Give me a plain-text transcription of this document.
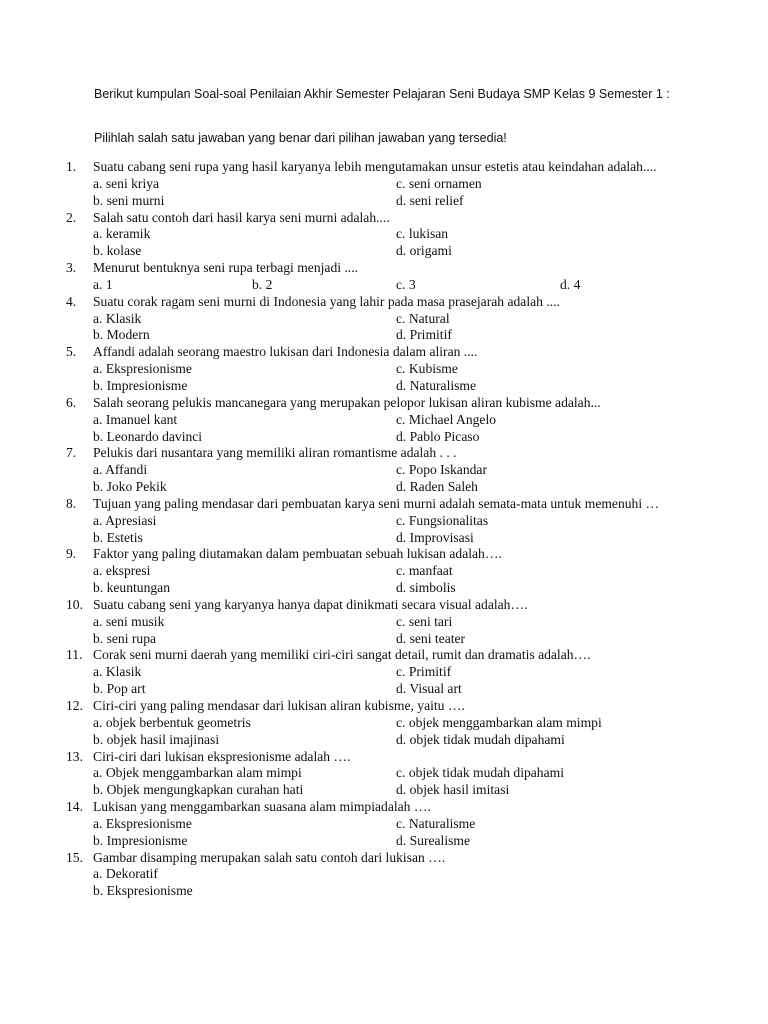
Berikut kumpulan Soal-soal Penilaian Akhir Semester Pelajaran Seni Budaya SMP Kelas 9 Semester 1 :
Pilihlah salah satu jawaban yang benar dari pilihan jawaban yang tersedia!
1.	Suatu cabang seni rupa yang hasil karyanya lebih mengutamakan unsur estetis atau keindahan adalah....
a. seni kriya	c. seni ornamen
b. seni murni	d. seni relief
2.	Salah satu contoh dari hasil karya seni murni adalah....
a. keramik	c. lukisan
b. kolase	d. origami
3.	Menurut bentuknya seni rupa terbagi menjadi ....
a. 1	b. 2	c. 3	d. 4
4.	Suatu corak ragam seni murni di Indonesia yang lahir pada masa prasejarah adalah ....
a. Klasik	c. Natural
b. Modern	d. Primitif
5.	Affandi adalah seorang maestro lukisan dari Indonesia dalam aliran ....
a. Ekspresionisme	c. Kubisme
b. Impresionisme	d. Naturalisme
6.	Salah seorang pelukis mancanegara yang merupakan pelopor lukisan aliran kubisme adalah...
a. Imanuel kant	c. Michael Angelo
b. Leonardo davinci	d. Pablo Picaso
7.	Pelukis dari nusantara yang memiliki aliran romantisme adalah . . .
a. Affandi	c. Popo Iskandar
b. Joko Pekik	d. Raden Saleh
8.	Tujuan yang paling mendasar dari pembuatan karya seni murni adalah semata-mata untuk memenuhi …
a. Apresiasi	c. Fungsionalitas
b. Estetis	d. Improvisasi
9.	Faktor yang paling diutamakan dalam pembuatan sebuah lukisan adalah….
a. ekspresi	c. manfaat
b. keuntungan	d. simbolis
10. Suatu cabang seni yang karyanya hanya dapat dinikmati secara visual adalah….
a. seni musik	c. seni tari
b. seni rupa	d. seni teater
11. Corak seni murni daerah yang memiliki ciri-ciri sangat detail, rumit dan dramatis adalah….
a. Klasik	c. Primitif
b. Pop art	d. Visual art
12. Ciri-ciri yang paling mendasar dari lukisan aliran kubisme, yaitu ….
a. objek berbentuk geometris	c. objek menggambarkan alam mimpi
b. objek hasil imajinasi	d. objek tidak mudah dipahami
13. Ciri-ciri dari lukisan ekspresionisme adalah ….
a. Objek menggambarkan alam mimpi	c. objek tidak mudah dipahami
b. Objek mengungkapkan curahan hati	d. objek hasil imitasi
14. Lukisan yang menggambarkan suasana alam mimpiadalah ….
a. Ekspresionisme	c. Naturalisme
b. Impresionisme	d. Surealisme
15. Gambar disamping merupakan salah satu contoh dari lukisan ….
a. Dekoratif
b. Ekspresionisme
